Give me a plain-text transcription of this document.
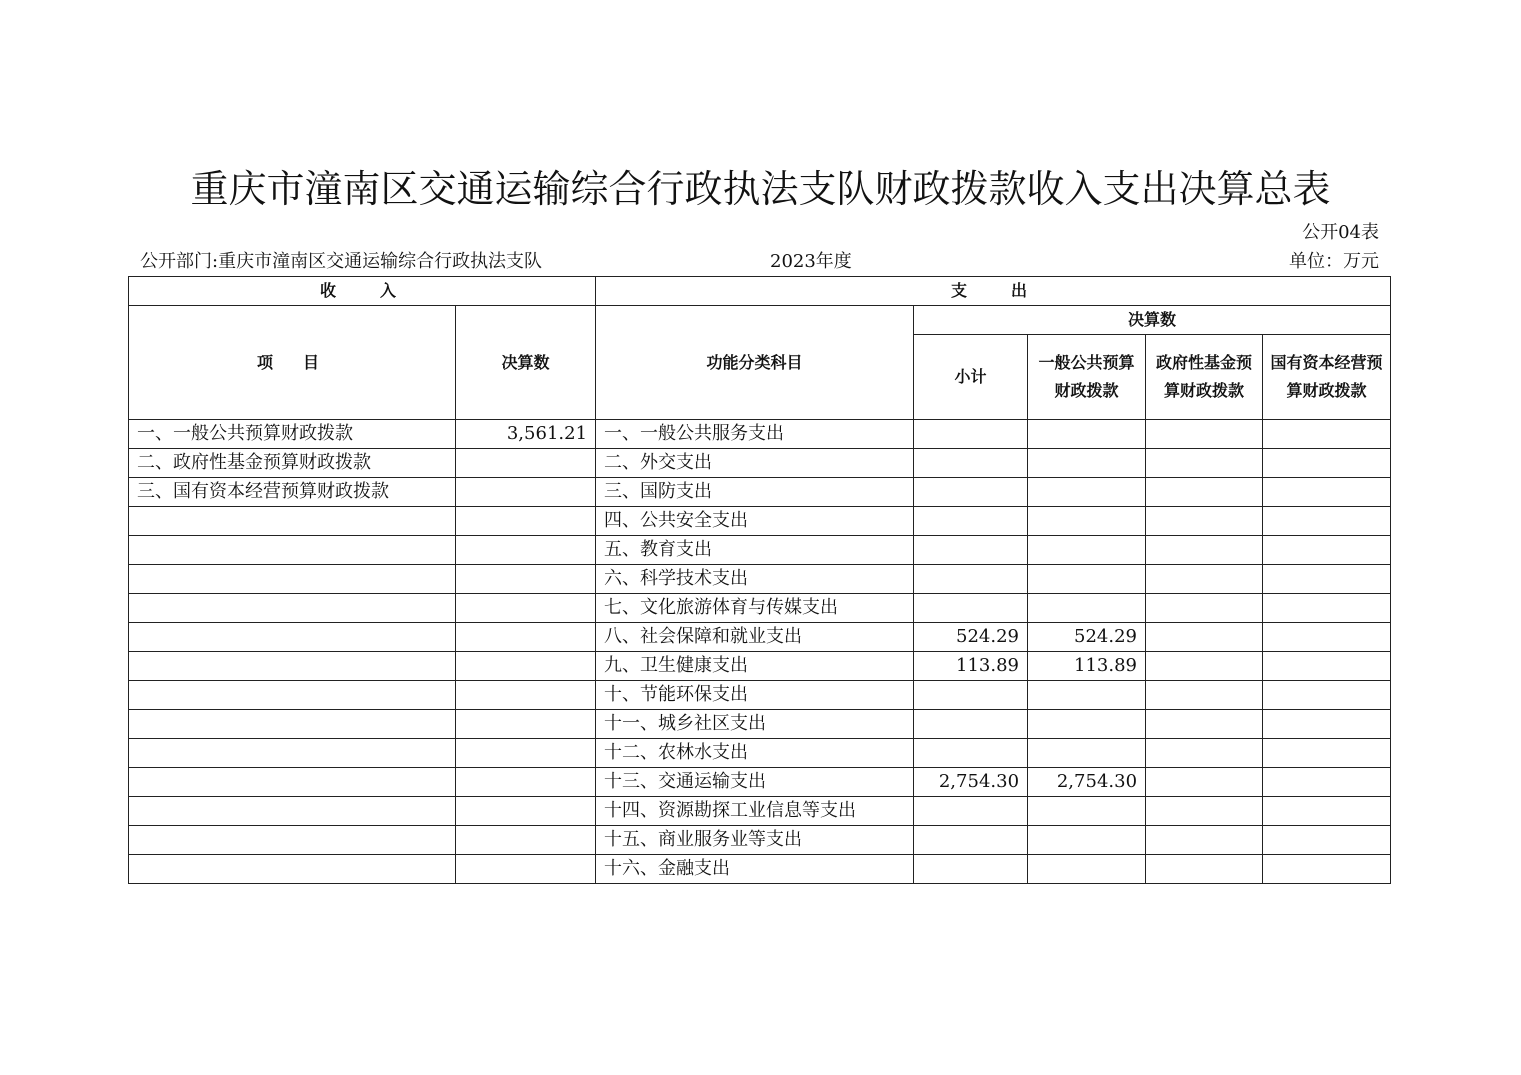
重庆市潼南区交通运输综合行政执法支队财政拨款收入支出决算总表
公开04表
公开部门:重庆市潼南区交通运输综合行政执法支队	2023年度	单位：万元
收入		支出				
项目	决算数	功能分类科目	决算数			
			小计	一般公共预算财政拨款	政府性基金预算财政拨款	国有资本经营预算财政拨款

一、一般公共预算财政拨款	3,561.21	一、一般公共服务支出				
二、政府性基金预算财政拨款		二、外交支出				
三、国有资本经营预算财政拨款		三、国防支出				
		四、公共安全支出				
		五、教育支出				
		六、科学技术支出				
		七、文化旅游体育与传媒支出				
		八、社会保障和就业支出	524.29	524.29		
		九、卫生健康支出	113.89	113.89		
		十、节能环保支出				
		十一、城乡社区支出				
		十二、农林水支出				
		十三、交通运输支出	2,754.30	2,754.30		
		十四、资源勘探工业信息等支出				
		十五、商业服务业等支出				
		十六、金融支出				
